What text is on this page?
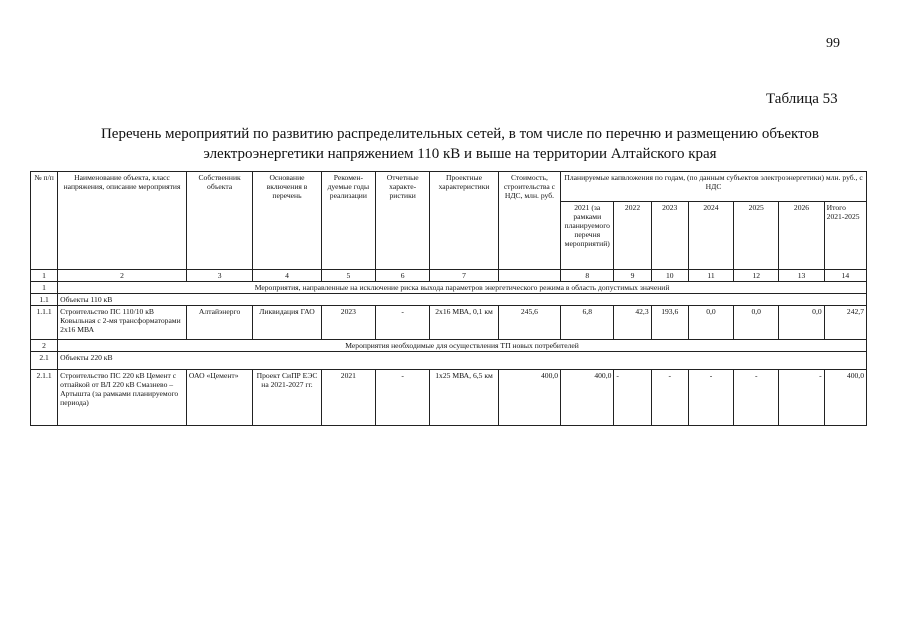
99
Таблица 53
Перечень мероприятий по развитию распределительных сетей, в том числе по перечню и размещению объектов
электроэнергетики напряжением 110 кВ и выше на территории Алтайского края
№ п/п	Наименование объекта, класс напряжения, описание мероприятия	Собственник объекта	Основание включения в перечень	Рекомен-дуемые годы реализации	Отчетные характе-ристики	Проектные характеристики	Стоимость, строительства с НДС, млн. руб.	Планируемые капвложения по годам, (по данным субъектов электроэнергетики) млн. руб., с НДС						
								2021 (за рамками планируемого перечня мероприятий)	2022	2023	2024	2025	2026	Итого 2021-2025
1	2	3	4	5	6	7		8	9	10	11	12	13	14
1	Мероприятия, направленные на исключение риска выхода параметров энергетического режима в область допустимых значений													
1.1	Объекты 110 кВ													
1.1.1	Строительство ПС 110/10 кВ Ковыльная с 2-мя трансформаторами 2х16 МВА	Алтайэнерго	Ликвидация ГАО	2023	-	2х16 МВА, 0,1 км	245,6	6,8	42,3	193,6	0,0	0,0	0,0	242,7
2	Мероприятия необходимые для осуществления ТП новых потребителей													
2.1	Объекты 220 кВ													
2.1.1	Строительство ПС 220 кВ Цемент с отпайкой от ВЛ 220 кВ Смазнево – Артышта (за рамками планируемого периода)	ОАО «Цемент»	Проект СиПР ЕЭС на 2021-2027 гг.	2021	-	1х25 МВА, 6,5 км	400,0	400,0	-	-	-	-	-	400,0
